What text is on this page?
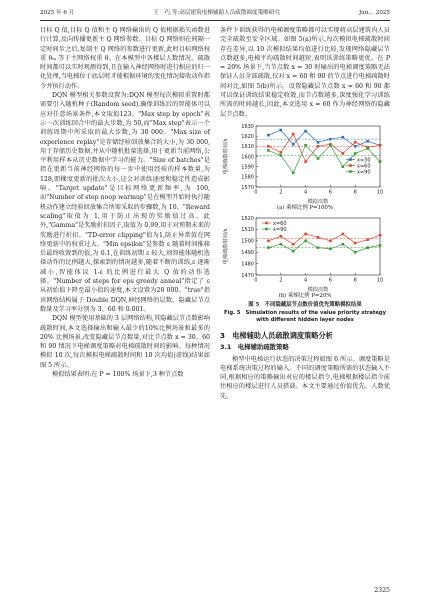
2025 年 6 月	王　巧,等:高层建筑电梯辅助人员疏散调度策略研究	Jun.，2025

目标 Q 值,目标 Q 值和主 Q 网络输出的 Q 值根据损失函数进行计算,反向传播更新主 Q 网络参数。目标 Q 网络则在间隔一定时间步之后,复制主 Q 网络的参数进行更新,此时目标网络权重 θₘ 等于主网络权重 θ。在本模型中各楼层人数情况、疏散时间都可以实时观测得到,且在输入神经网络时进行相应的归一化处理,当电梯位于底层时才能根据环境的变化情况接收动作指令并执行动作。

DQN 模型相关参数设置为:DQN 模型每次模拟重置时都需要引入随机种子(Random seed),确保训练后的智能体可以应对任意场景条件,本文取值123。"Max step by epoch"表示一次训练回合中的最大步数,为 50,而"Max step"表示一个训练周期中所采取的最大步数,为 30 000。"Max size of experience replay"是存储经验回放集合的大小,为 30 000,用于存储历史数据,并从中随机批量选择,用于更新当前网络,公平利用样本从历史数据中学习的能力。"Size of batches"是指在更新当前神经网络的每一步中使用经验的样本数量,为 128,即棵度更新的批次大小,这会对训练速度和稳定性造成影响。"Target update"是目标网络更新频率,为 100,而"Number of step noop warmup"是在模型开始时执行随机动作建立经验回放集合所需采取的步骤数,为 10。"Reward scaling"取值为 1,用于防止出现的奖励值过高。此外,"Gamma"是奖励折扣因子,取值为 0.99,用于对预期未来的奖励进行折扣。"TD-error clipping"值为1,防止异常值在网络更新中的权重过大。"Min epsilon"是参数 ε 随着时间推移后最终收敛到的值,为 0.1,在训练初期 ε 较大,则智能体随机选择动作的比例越大,探索到的情况越多,随着不断的训练,ε 逐渐减小,智能体以 1-ε 的比例进行最大 Q 值的动作选择。"Number of steps for eps greedy anneal"指定了 ε 从初始值下降至最小值的速度,本文设置为20 000。"true"指该网络结构属于 Double DQN,神经网络的层数、隐藏层节点数量及学习率分别为 3、60 和 0.001。

DQN 模型使用基础的 3 层网络结构,其隐藏层节点数影响疏散时间,本文选择输出和输入最少的10%比例场景和最多的 20% 比例场景,改变隐藏层节点数量,对比节点数 x = 30、60 和 90 情况下电梯调度策略对电梯疏散时间的影响。每种情况模拟 10 次,每次模拟电梯疏散时间和 10 次均值(虚线)结果如图 5 所示。

模拟结果表明:在 P = 100% 场景下,3 种节点数

条件下训练获得的电梯调度策略都可以实现将高层建筑内人员完全疏散至安全区域。如图 5(a)所示,每次模拟电梯疏散时间存在差异,以 10 次模拟结果均值进行比较,发现网络隐藏层节点数越多,电梯平均疏散时间越短,表明该训练策略更优。在 P = 20% 场景下,当节点数 x = 30 时输出的电梯调度策略无法保证人员全部疏散,仅对 x = 60 和 90 的节点进行电梯疏散时间对比,如图 5(b)所示。设置隐藏层节点数 x = 60 和 90 都可以保证训练结果稳定收敛,而节点数越多,深度强化学习训练所需的时间越长,因此,本文选用 x = 60 作为神经网络的隐藏层节点数。

1570
1580
1590
1600
1610
1620
1630
0	2	4	6	8	10
模拟次数
电梯疏散时间/s	x=30
x=60
x=90
(a) 乘梯比例 P=100%
1470
1480
1490
1500
1510
1520
0	2	4	6	8	10
模拟次数
电梯疏散时间/s
x=60
x=90
(b) 乘梯比例 P=20%
图 5　不同隐藏层节点数价值优先策略模拟结果
Fig. 5　Simulation results of the value priority strategy
with different hidden layer nodes
3　电梯辅助人员疏散调度策略分析
3.1　电梯辅助疏散策略

模型中电梯运行状态的决策过程如图 6 所示。调度策略是电梯系统决策过程的输入。不同的调度策略所需的状态输入不同,根据相应的策略输出对应的楼层指令,电梯根据楼层指令前往相应的楼层进行人员搭载。本文主要通过价值优先、人数优先、

2325
